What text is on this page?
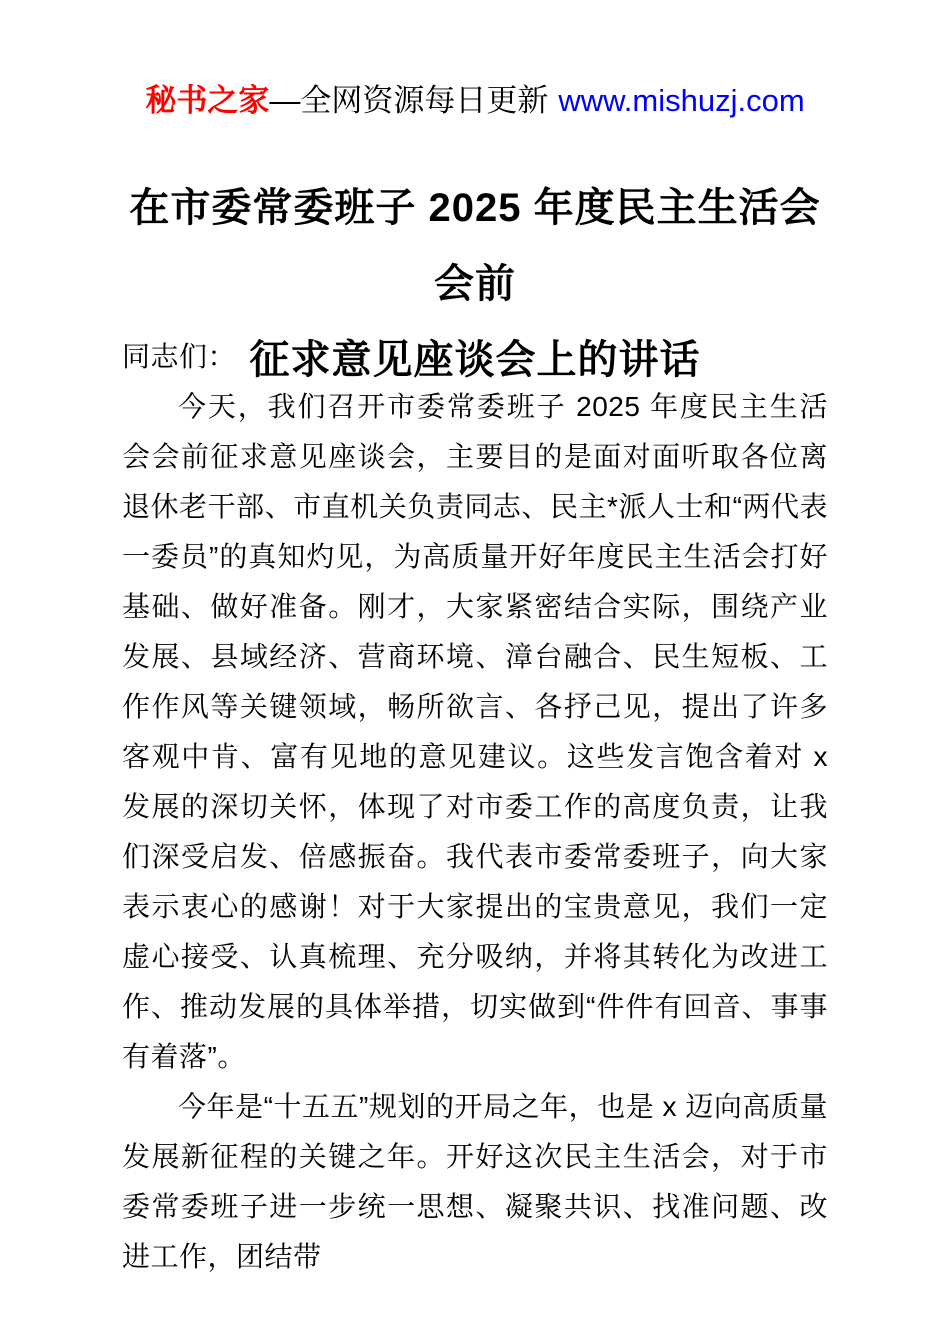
秘书之家—全网资源每日更新 www.mishuzj.com
在市委常委班子 2025 年度民主生活会会前
征求意见座谈会上的讲话

同志们：

今天，我们召开市委常委班子 2025 年度民主生活会会前征求意见座谈会，主要目的是面对面听取各位离退休老干部、市直机关负责同志、民主*派人士和“两代表一委员”的真知灼见，为高质量开好年度民主生活会打好基础、做好准备。刚才，大家紧密结合实际，围绕产业发展、县域经济、营商环境、漳台融合、民生短板、工作作风等关键领域，畅所欲言、各抒己见，提出了许多客观中肯、富有见地的意见建议。这些发言饱含着对 x 发展的深切关怀，体现了对市委工作的高度负责，让我们深受启发、倍感振奋。我代表市委常委班子，向大家表示衷心的感谢！对于大家提出的宝贵意见，我们一定虚心接受、认真梳理、充分吸纳，并将其转化为改进工作、推动发展的具体举措，切实做到“件件有回音、事事有着落”。

今年是“十五五”规划的开局之年，也是 x 迈向高质量发展新征程的关键之年。开好这次民主生活会，对于市委常委班子进一步统一思想、凝聚共识、找准问题、改进工作，团结带
